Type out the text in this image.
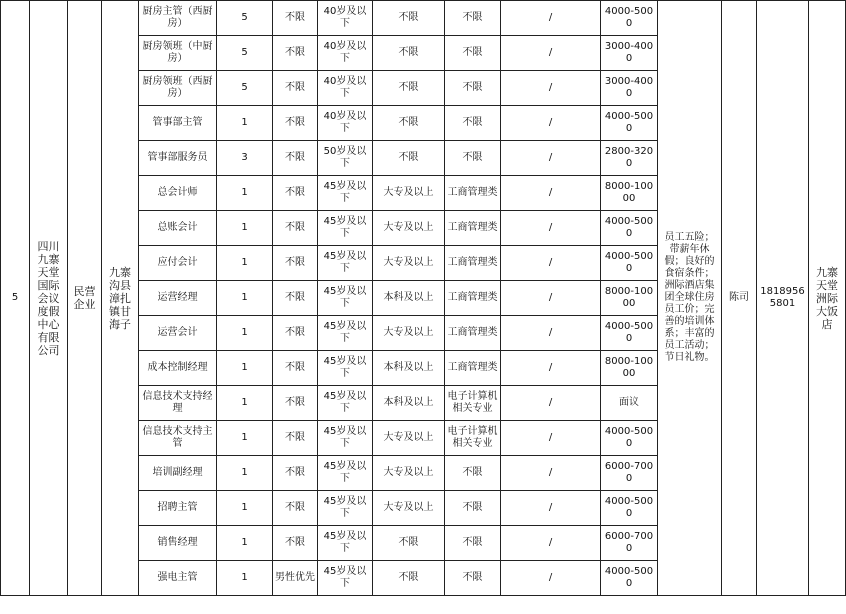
5	四川九寨天堂国际会议度假中心有限公司	民营企业	九寨沟县漳扎镇甘海子	厨房主管（西厨房）	5	不限	40岁及以下	不限	不限	/	4000-5000	员工五险；带薪年休假；良好的食宿条件；洲际酒店集团全球住房员工价；完善的培训体系；丰富的员工活动；节日礼物。	陈司	18189565801	九寨天堂洲际大饭店
				厨房领班（中厨房）	5	不限	40岁及以下	不限	不限	/	3000-4000				
				厨房领班（西厨房）	5	不限	40岁及以下	不限	不限	/	3000-4000				
				管事部主管	1	不限	40岁及以下	不限	不限	/	4000-5000				
				管事部服务员	3	不限	50岁及以下	不限	不限	/	2800-3200				
				总会计师	1	不限	45岁及以下	大专及以上	工商管理类	/	8000-10000				
				总账会计	1	不限	45岁及以下	大专及以上	工商管理类	/	4000-5000				
				应付会计	1	不限	45岁及以下	大专及以上	工商管理类	/	4000-5000				
				运营经理	1	不限	45岁及以下	本科及以上	工商管理类	/	8000-10000				
				运营会计	1	不限	45岁及以下	大专及以上	工商管理类	/	4000-5000				
				成本控制经理	1	不限	45岁及以下	本科及以上	工商管理类	/	8000-10000				
				信息技术支持经理	1	不限	45岁及以下	本科及以上	电子计算机相关专业	/	面议				
				信息技术支持主管	1	不限	45岁及以下	大专及以上	电子计算机相关专业	/	4000-5000				
				培训副经理	1	不限	45岁及以下	大专及以上	不限	/	6000-7000				
				招聘主管	1	不限	45岁及以下	大专及以上	不限	/	4000-5000				
				销售经理	1	不限	45岁及以下	不限	不限	/	6000-7000				
				强电主管	1	男性优先	45岁及以下	不限	不限	/	4000-5000				
